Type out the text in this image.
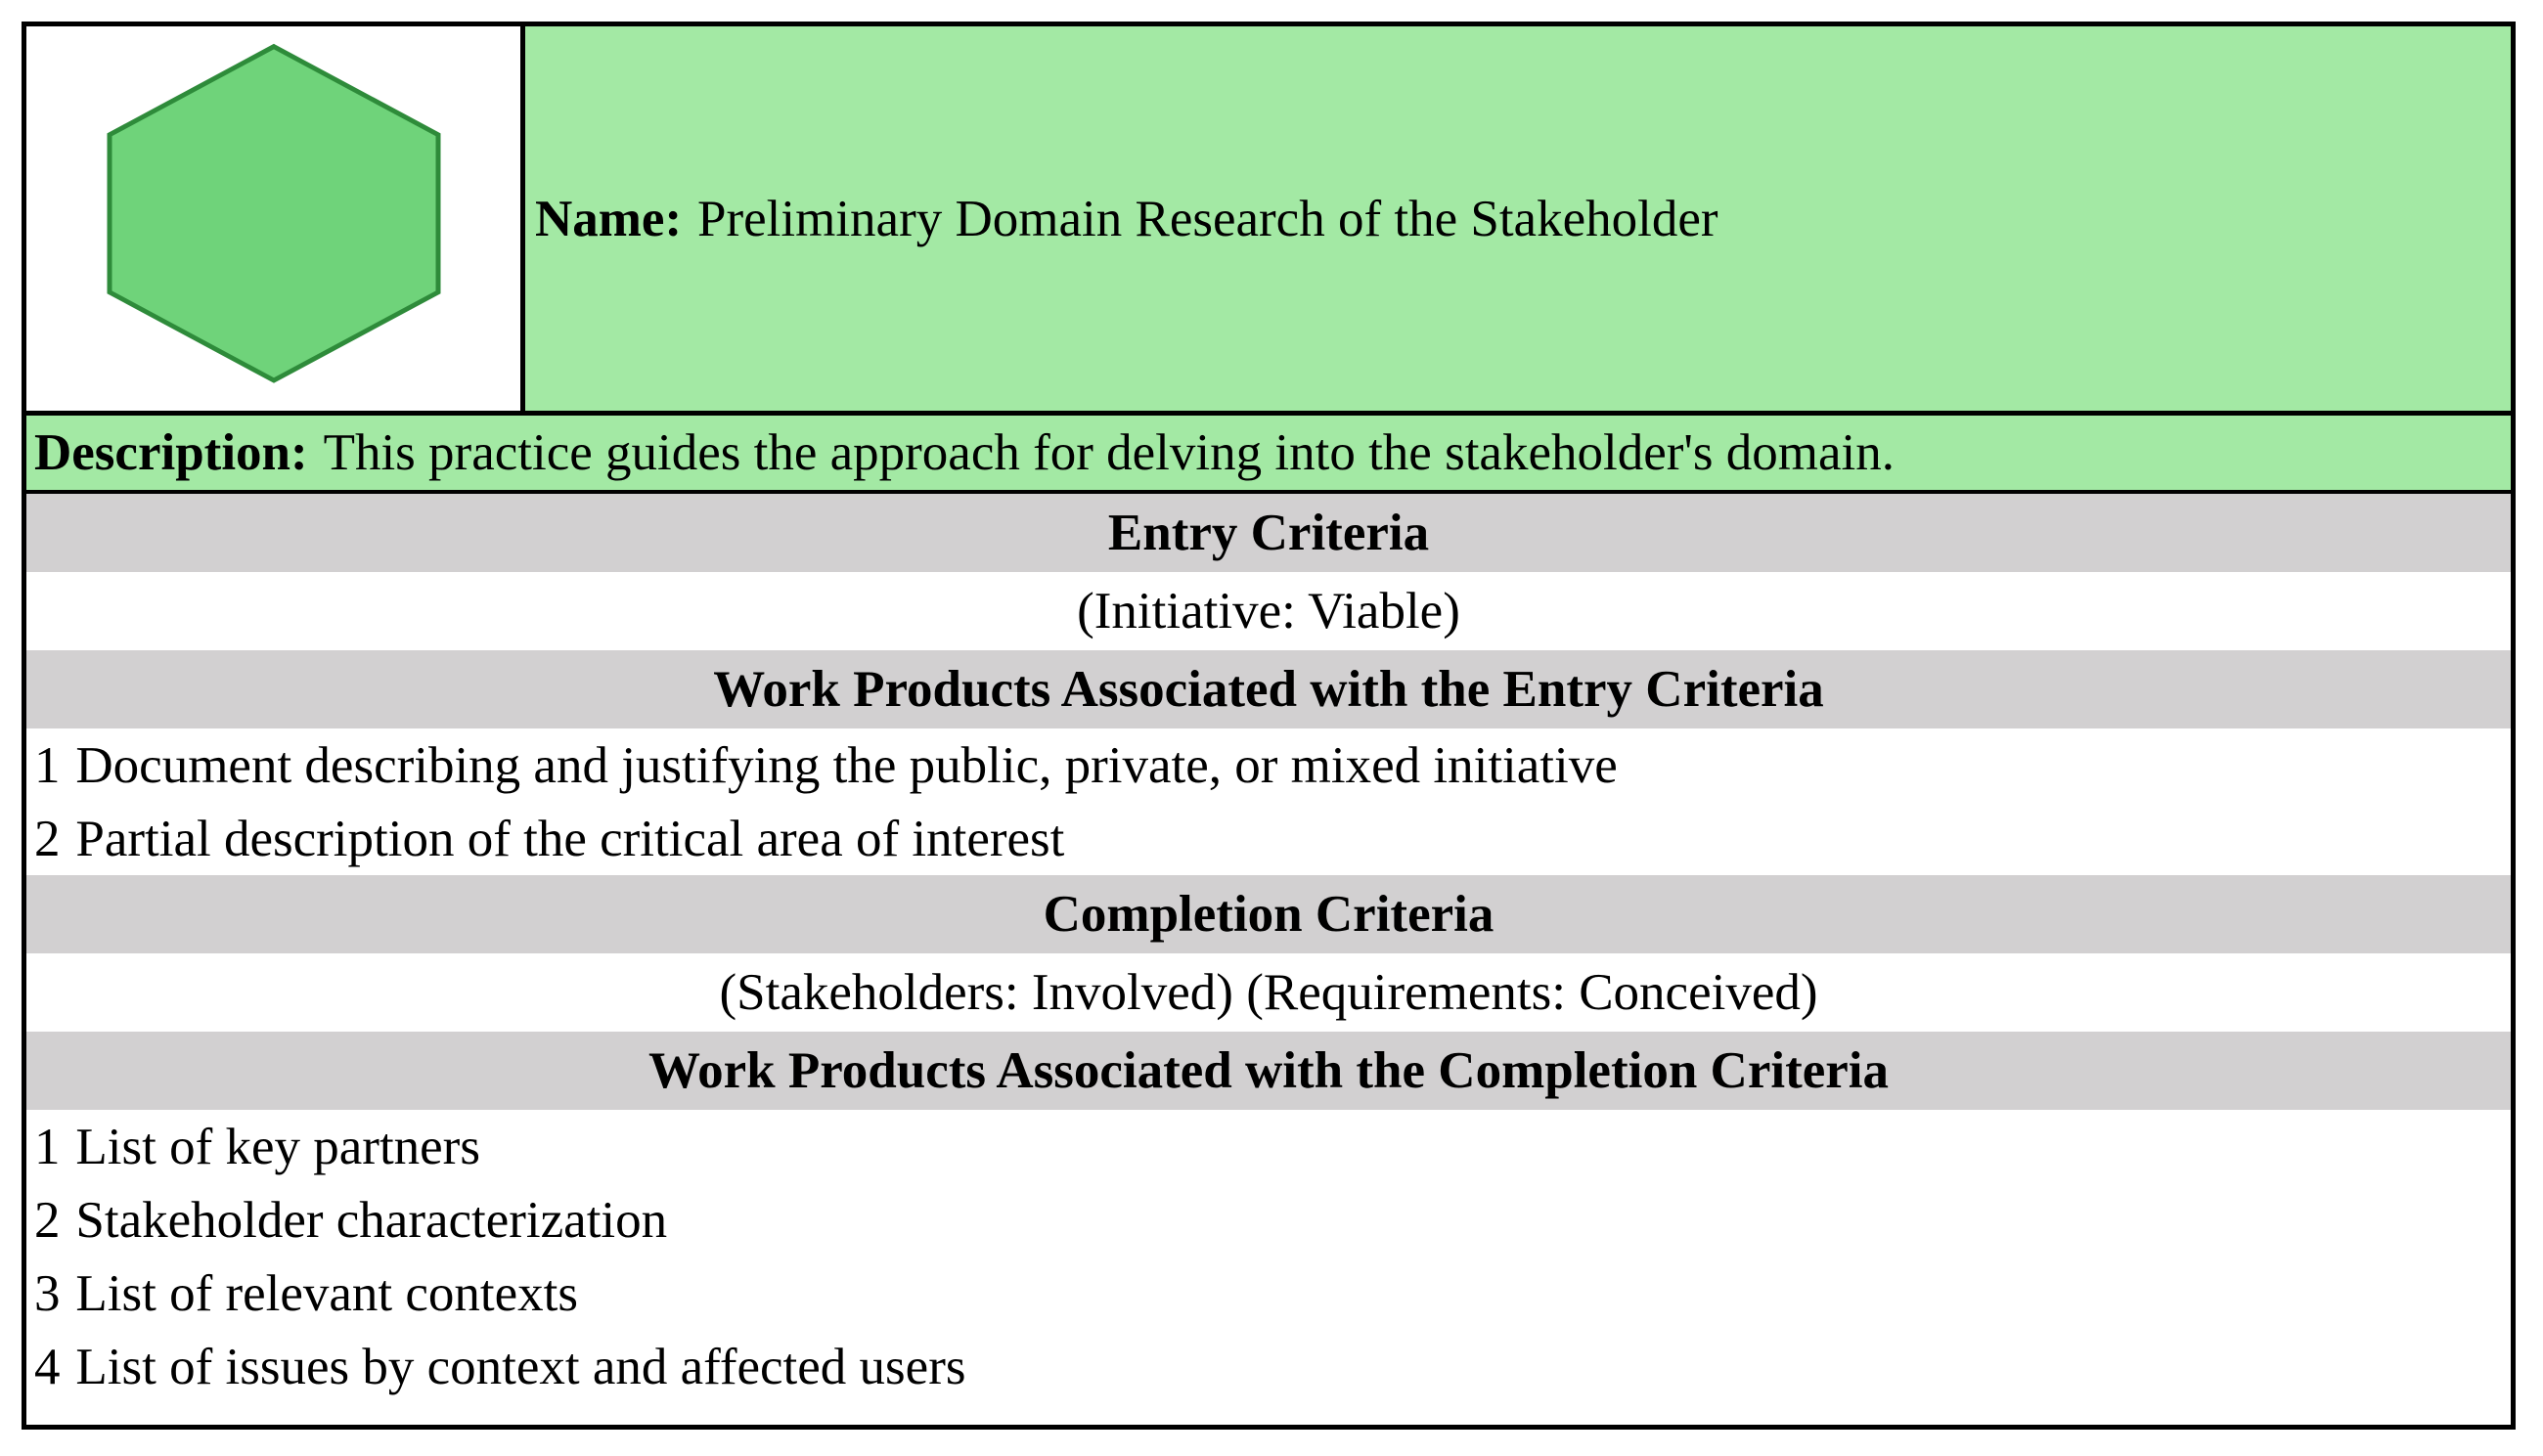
Name: Preliminary Domain Research of the Stakeholder
Description: This practice guides the approach for delving into the stakeholder's domain.
Entry Criteria
(Initiative: Viable)
Work Products Associated with the Entry Criteria
1 Document describing and justifying the public, private, or mixed initiative
2 Partial description of the critical area of interest
Completion Criteria
(Stakeholders: Involved) (Requirements: Conceived)
Work Products Associated with the Completion Criteria
1 List of key partners
2 Stakeholder characterization
3 List of relevant contexts
4 List of issues by context and affected users
